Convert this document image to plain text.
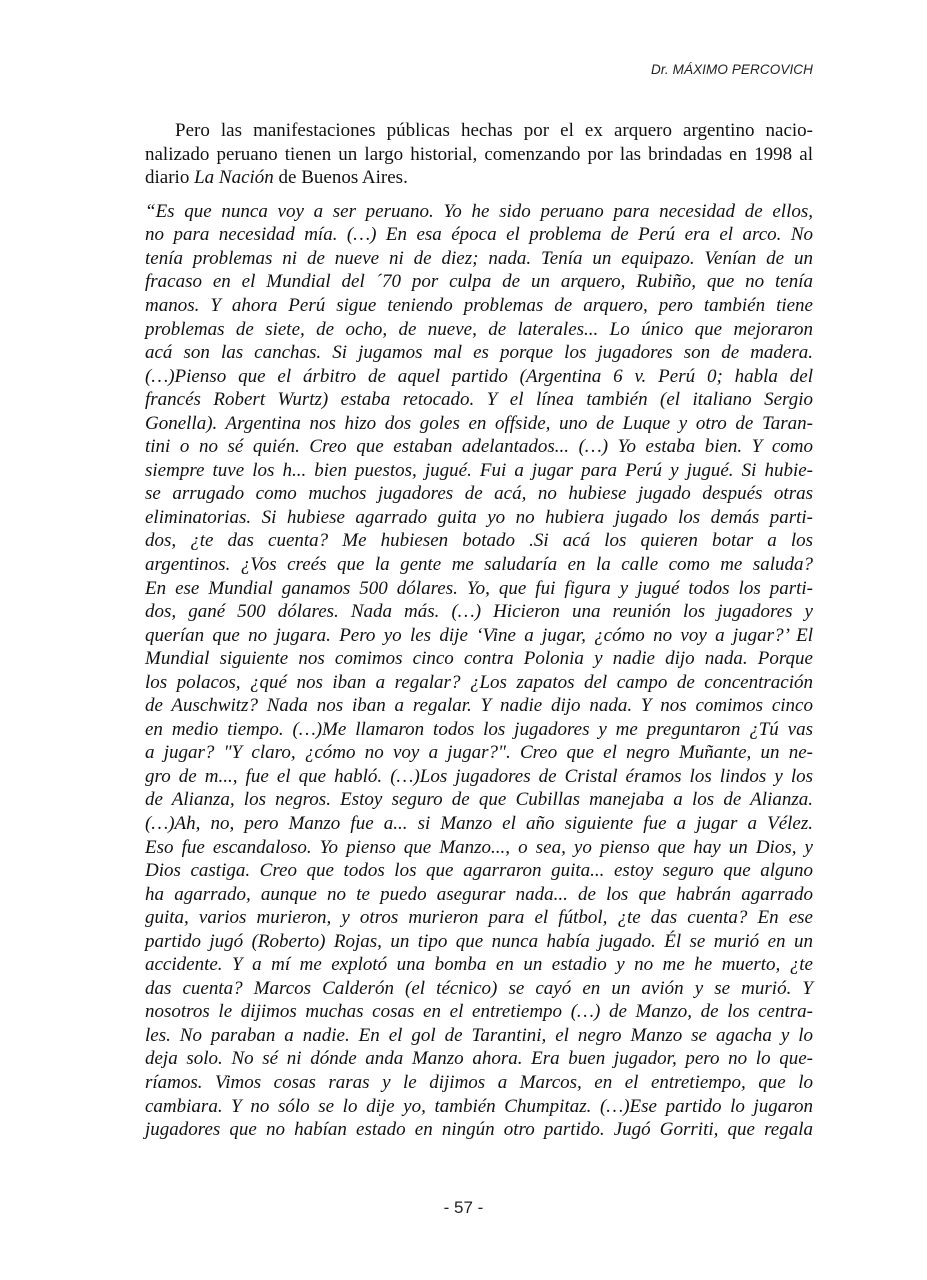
Dr. MÁXIMO PERCOVICH

Pero las manifestaciones públicas hechas por el ex arquero argentino nacio-nalizado peruano tienen un largo historial, comenzando por las brindadas en 1998 al diario La Nación de Buenos Aires.

“Es que nunca voy a ser peruano. Yo he sido peruano para necesidad de ellos,
no para necesidad mía. (…) En esa época el problema de Perú era el arco. No
tenía problemas ni de nueve ni de diez; nada. Tenía un equipazo. Venían de un
fracaso en el Mundial del ´70 por culpa de un arquero, Rubiño, que no tenía
manos. Y ahora Perú sigue teniendo problemas de arquero, pero también tiene
problemas de siete, de ocho, de nueve, de laterales... Lo único que mejoraron
acá son las canchas. Si jugamos mal es porque los jugadores son de madera.
(…)Pienso que el árbitro de aquel partido (Argentina 6 v. Perú 0; habla del
francés Robert Wurtz) estaba retocado. Y el línea también (el italiano Sergio
Gonella). Argentina nos hizo dos goles en offside, uno de Luque y otro de Taran-
tini o no sé quién. Creo que estaban adelantados... (…) Yo estaba bien. Y como
siempre tuve los h... bien puestos, jugué. Fui a jugar para Perú y jugué. Si hubie-
se arrugado como muchos jugadores de acá, no hubiese jugado después otras
eliminatorias. Si hubiese agarrado guita yo no hubiera jugado los demás parti-
dos, ¿te das cuenta? Me hubiesen botado .Si acá los quieren botar a los
argentinos. ¿Vos creés que la gente me saludaría en la calle como me saluda?
En ese Mundial ganamos 500 dólares. Yo, que fui figura y jugué todos los parti-
dos, gané 500 dólares. Nada más. (…) Hicieron una reunión los jugadores y
querían que no jugara. Pero yo les dije ‘Vine a jugar, ¿cómo no voy a jugar?’ El
Mundial siguiente nos comimos cinco contra Polonia y nadie dijo nada. Porque
los polacos, ¿qué nos iban a regalar? ¿Los zapatos del campo de concentración
de Auschwitz? Nada nos iban a regalar. Y nadie dijo nada. Y nos comimos cinco
en medio tiempo. (…)Me llamaron todos los jugadores y me preguntaron ¿Tú vas
a jugar? "Y claro, ¿cómo no voy a jugar?". Creo que el negro Muñante, un ne-
gro de m..., fue el que habló. (…)Los jugadores de Cristal éramos los lindos y los
de Alianza, los negros. Estoy seguro de que Cubillas manejaba a los de Alianza.
(…)Ah, no, pero Manzo fue a... si Manzo el año siguiente fue a jugar a Vélez.
Eso fue escandaloso. Yo pienso que Manzo..., o sea, yo pienso que hay un Dios, y
Dios castiga. Creo que todos los que agarraron guita... estoy seguro que alguno
ha agarrado, aunque no te puedo asegurar nada... de los que habrán agarrado
guita, varios murieron, y otros murieron para el fútbol, ¿te das cuenta? En ese
partido jugó (Roberto) Rojas, un tipo que nunca había jugado. Él se murió en un
accidente. Y a mí me explotó una bomba en un estadio y no me he muerto, ¿te
das cuenta? Marcos Calderón (el técnico) se cayó en un avión y se murió. Y
nosotros le dijimos muchas cosas en el entretiempo (…) de Manzo, de los centra-
les. No paraban a nadie. En el gol de Tarantini, el negro Manzo se agacha y lo
deja solo. No sé ni dónde anda Manzo ahora. Era buen jugador, pero no lo que-
ríamos. Vimos cosas raras y le dijimos a Marcos, en el entretiempo, que lo
cambiara. Y no sólo se lo dije yo, también Chumpitaz. (…)Ese partido lo jugaron
jugadores que no habían estado en ningún otro partido. Jugó Gorriti, que regala
- 57 -
